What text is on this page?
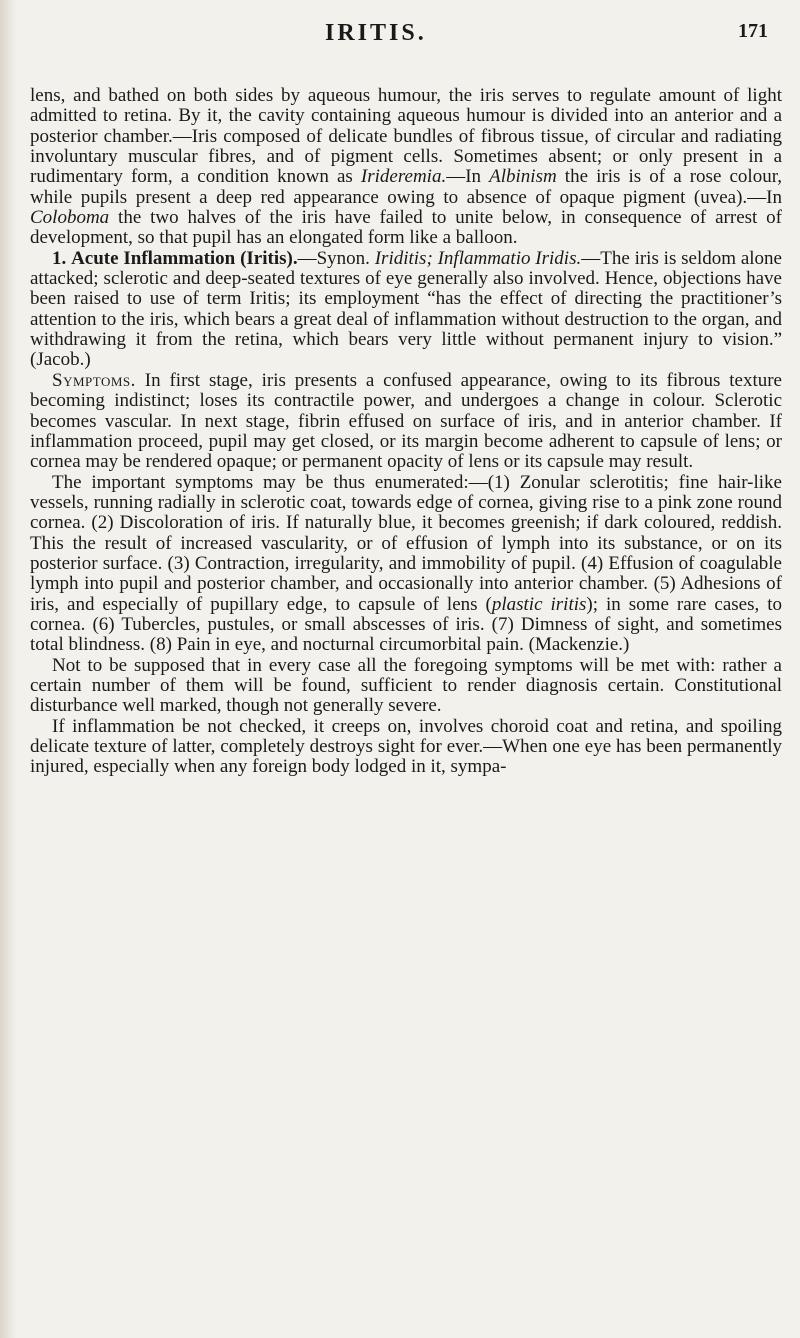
IRITIS.	171

lens, and bathed on both sides by aqueous humour, the iris serves to regulate amount of light admitted to retina. By it, the cavity containing aqueous humour is divided into an anterior and a posterior chamber.—Iris composed of delicate bundles of fibrous tissue, of circular and radiating involuntary muscular fibres, and of pigment cells. Sometimes absent; or only present in a rudimentary form, a condition known as Irideremia.—In Albinism the iris is of a rose colour, while pupils present a deep red appearance owing to absence of opaque pigment (uvea).—In Coloboma the two halves of the iris have failed to unite below, in consequence of arrest of development, so that pupil has an elongated form like a balloon.

1. Acute Inflammation (Iritis).—Synon. Iriditis; Inflammatio Iridis.—The iris is seldom alone attacked; sclerotic and deep-seated textures of eye generally also involved. Hence, objections have been raised to use of term Iritis; its employment “has the effect of directing the practitioner’s attention to the iris, which bears a great deal of inflammation without destruction to the organ, and withdrawing it from the retina, which bears very little without permanent injury to vision.” (Jacob.)

Symptoms. In first stage, iris presents a confused appearance, owing to its fibrous texture becoming indistinct; loses its contractile power, and undergoes a change in colour. Sclerotic becomes vascular. In next stage, fibrin effused on surface of iris, and in anterior chamber. If inflammation proceed, pupil may get closed, or its margin become adherent to capsule of lens; or cornea may be rendered opaque; or permanent opacity of lens or its capsule may result.

The important symptoms may be thus enumerated:—(1) Zonular sclerotitis; fine hair-like vessels, running radially in sclerotic coat, towards edge of cornea, giving rise to a pink zone round cornea. (2) Discoloration of iris. If naturally blue, it becomes greenish; if dark coloured, reddish. This the result of increased vascularity, or of effusion of lymph into its substance, or on its posterior surface. (3) Contraction, irregularity, and immobility of pupil. (4) Effusion of coagulable lymph into pupil and posterior chamber, and occasionally into anterior chamber. (5) Adhesions of iris, and especially of pupillary edge, to capsule of lens (plastic iritis); in some rare cases, to cornea. (6) Tubercles, pustules, or small abscesses of iris. (7) Dimness of sight, and sometimes total blindness. (8) Pain in eye, and nocturnal circumorbital pain. (Mackenzie.)

Not to be supposed that in every case all the foregoing symptoms will be met with: rather a certain number of them will be found, sufficient to render diagnosis certain. Constitutional disturbance well marked, though not generally severe.

If inflammation be not checked, it creeps on, involves choroid coat and retina, and spoiling delicate texture of latter, completely destroys sight for ever.—When one eye has been permanently injured, especially when any foreign body lodged in it, sympa-
